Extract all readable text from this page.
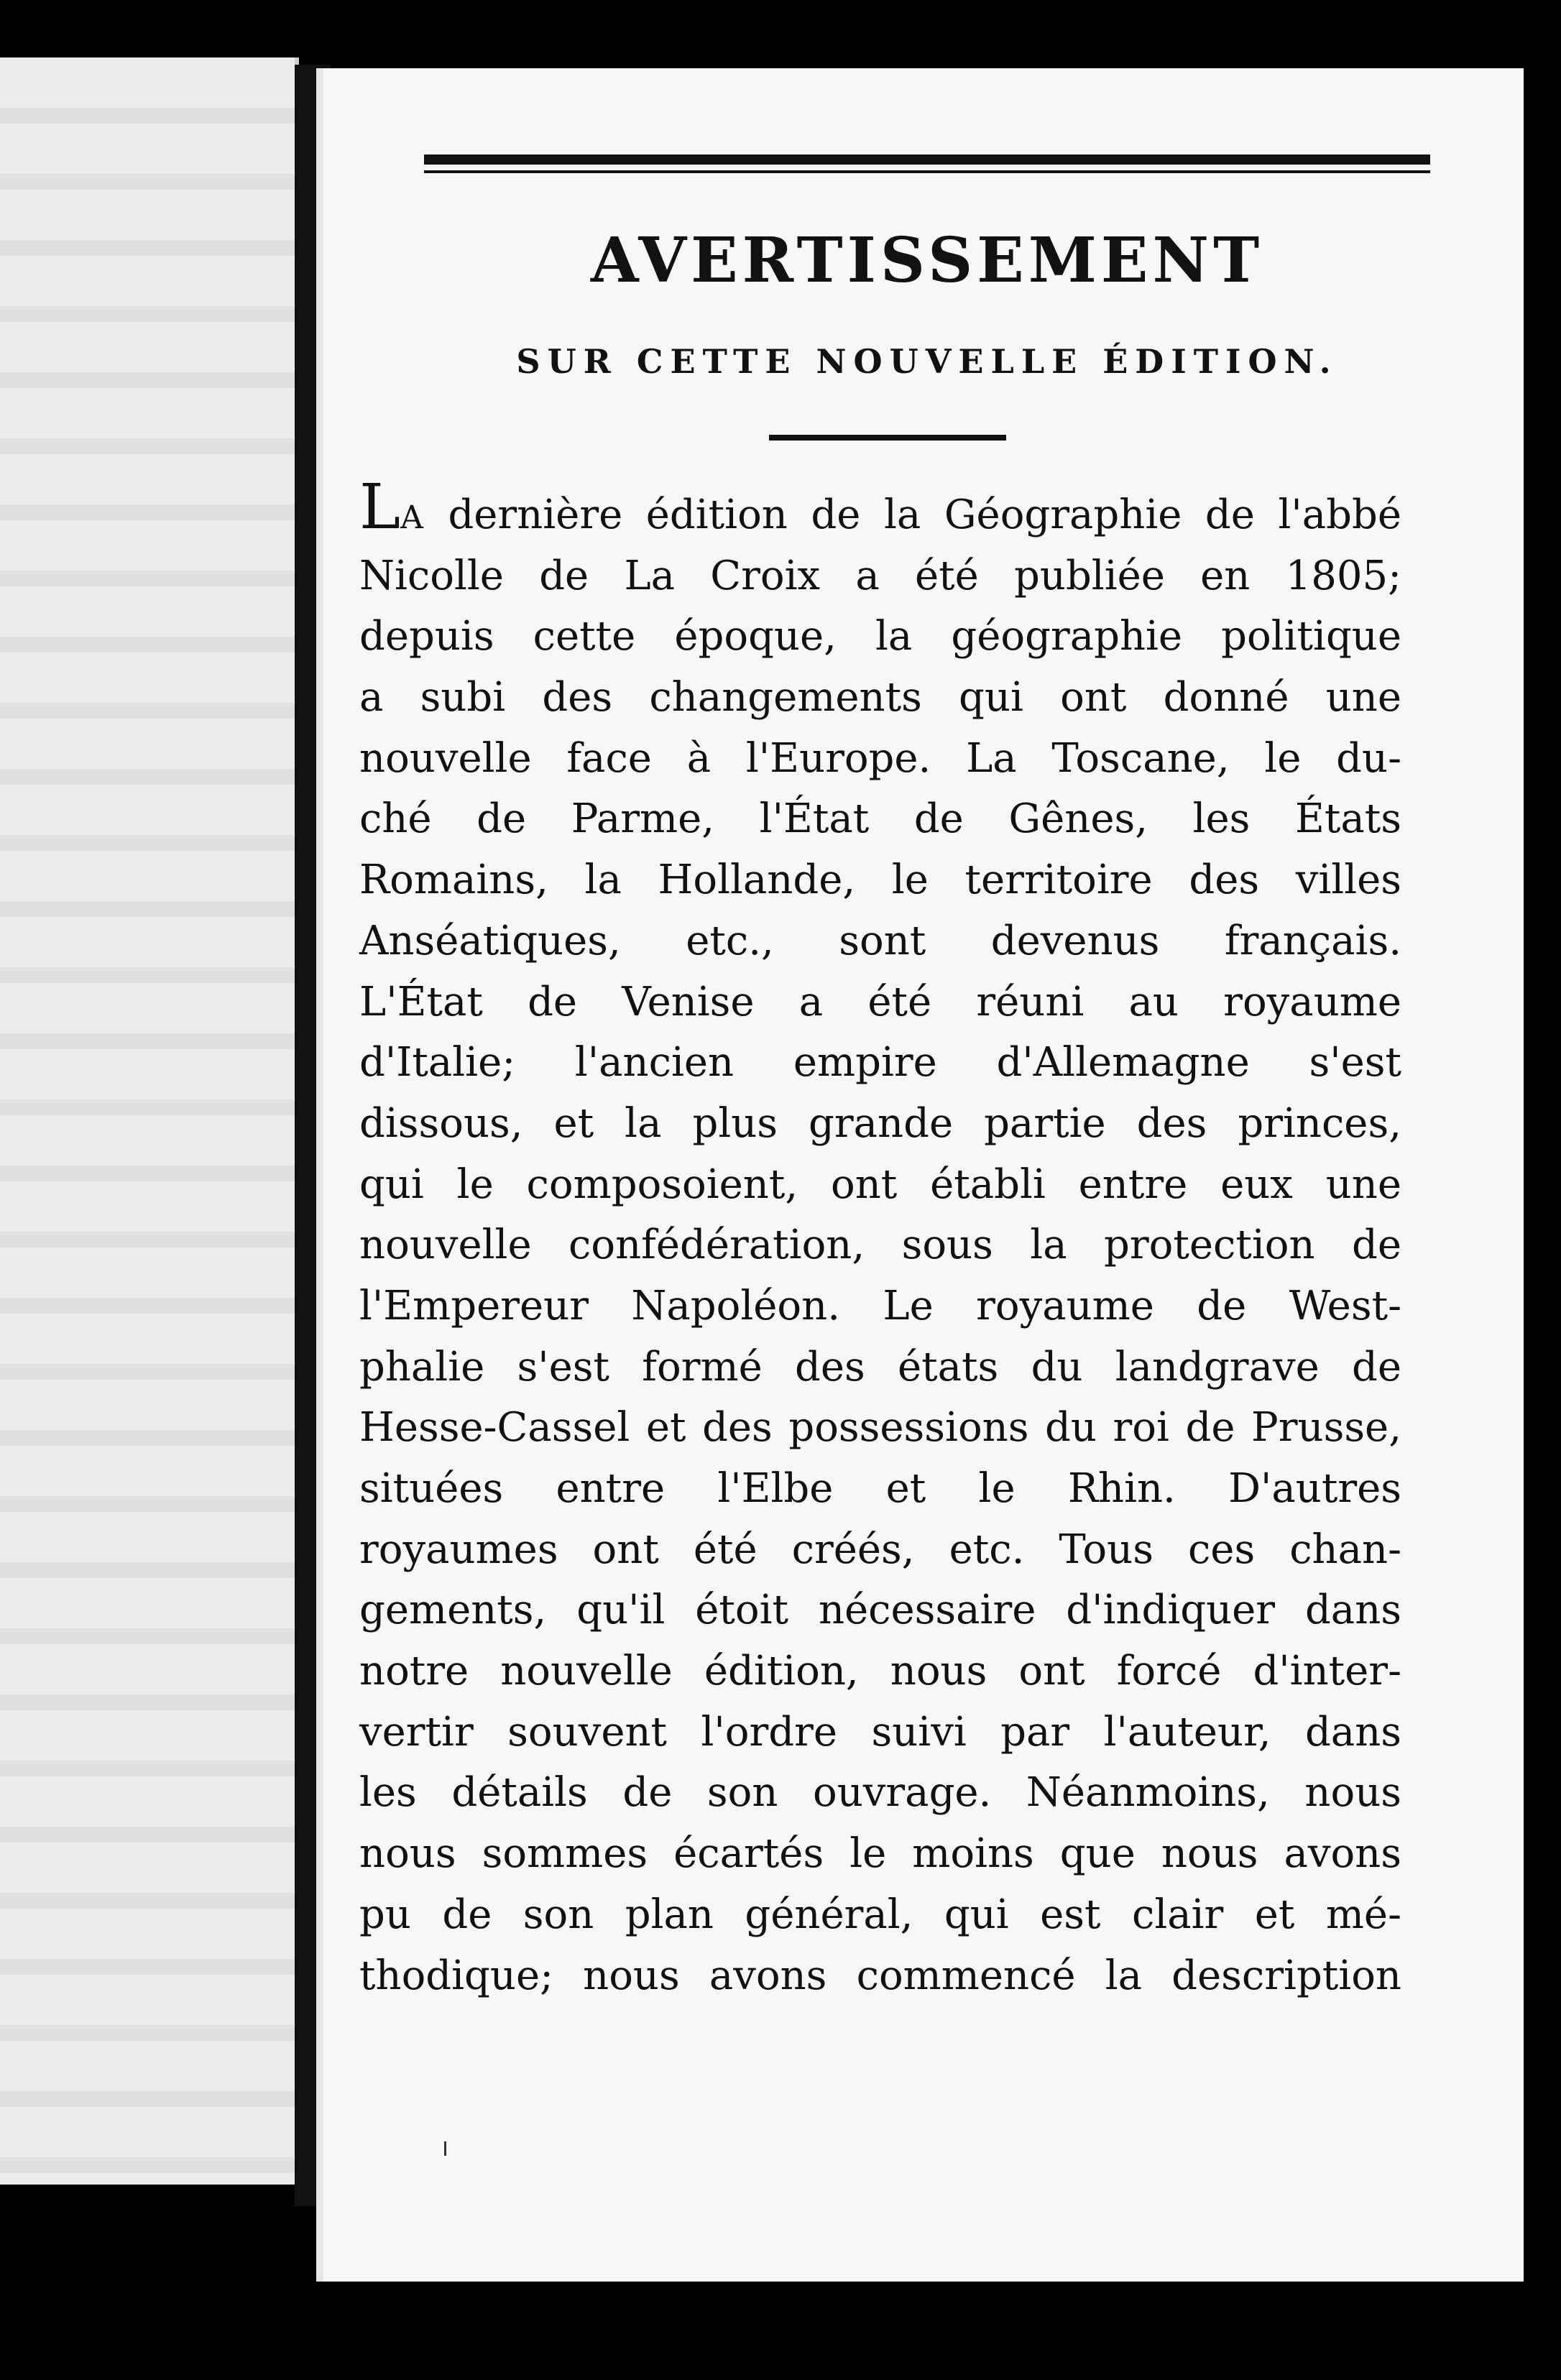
AVERTISSEMENT
SUR CETTE NOUVELLE ÉDITION.
LA dernière édition de la Géographie de l'abbé
Nicolle de La Croix a été publiée en 1805;
depuis cette époque, la géographie politique
a subi des changements qui ont donné une
nouvelle face à l'Europe. La Toscane, le du-
ché de Parme, l'État de Gênes, les États
Romains, la Hollande, le territoire des villes
Anséatiques, etc., sont devenus français.
L'État de Venise a été réuni au royaume
d'Italie; l'ancien empire d'Allemagne s'est
dissous, et la plus grande partie des princes,
qui le composoient, ont établi entre eux une
nouvelle confédération, sous la protection de
l'Empereur Napoléon. Le royaume de West-
phalie s'est formé des états du landgrave de
Hesse-Cassel et des possessions du roi de Prusse,
situées entre l'Elbe et le Rhin. D'autres
royaumes ont été créés, etc. Tous ces chan-
gements, qu'il étoit nécessaire d'indiquer dans
notre nouvelle édition, nous ont forcé d'inter-
vertir souvent l'ordre suivi par l'auteur, dans
les détails de son ouvrage. Néanmoins, nous
nous sommes écartés le moins que nous avons
pu de son plan général, qui est clair et mé-
thodique; nous avons commencé la description
